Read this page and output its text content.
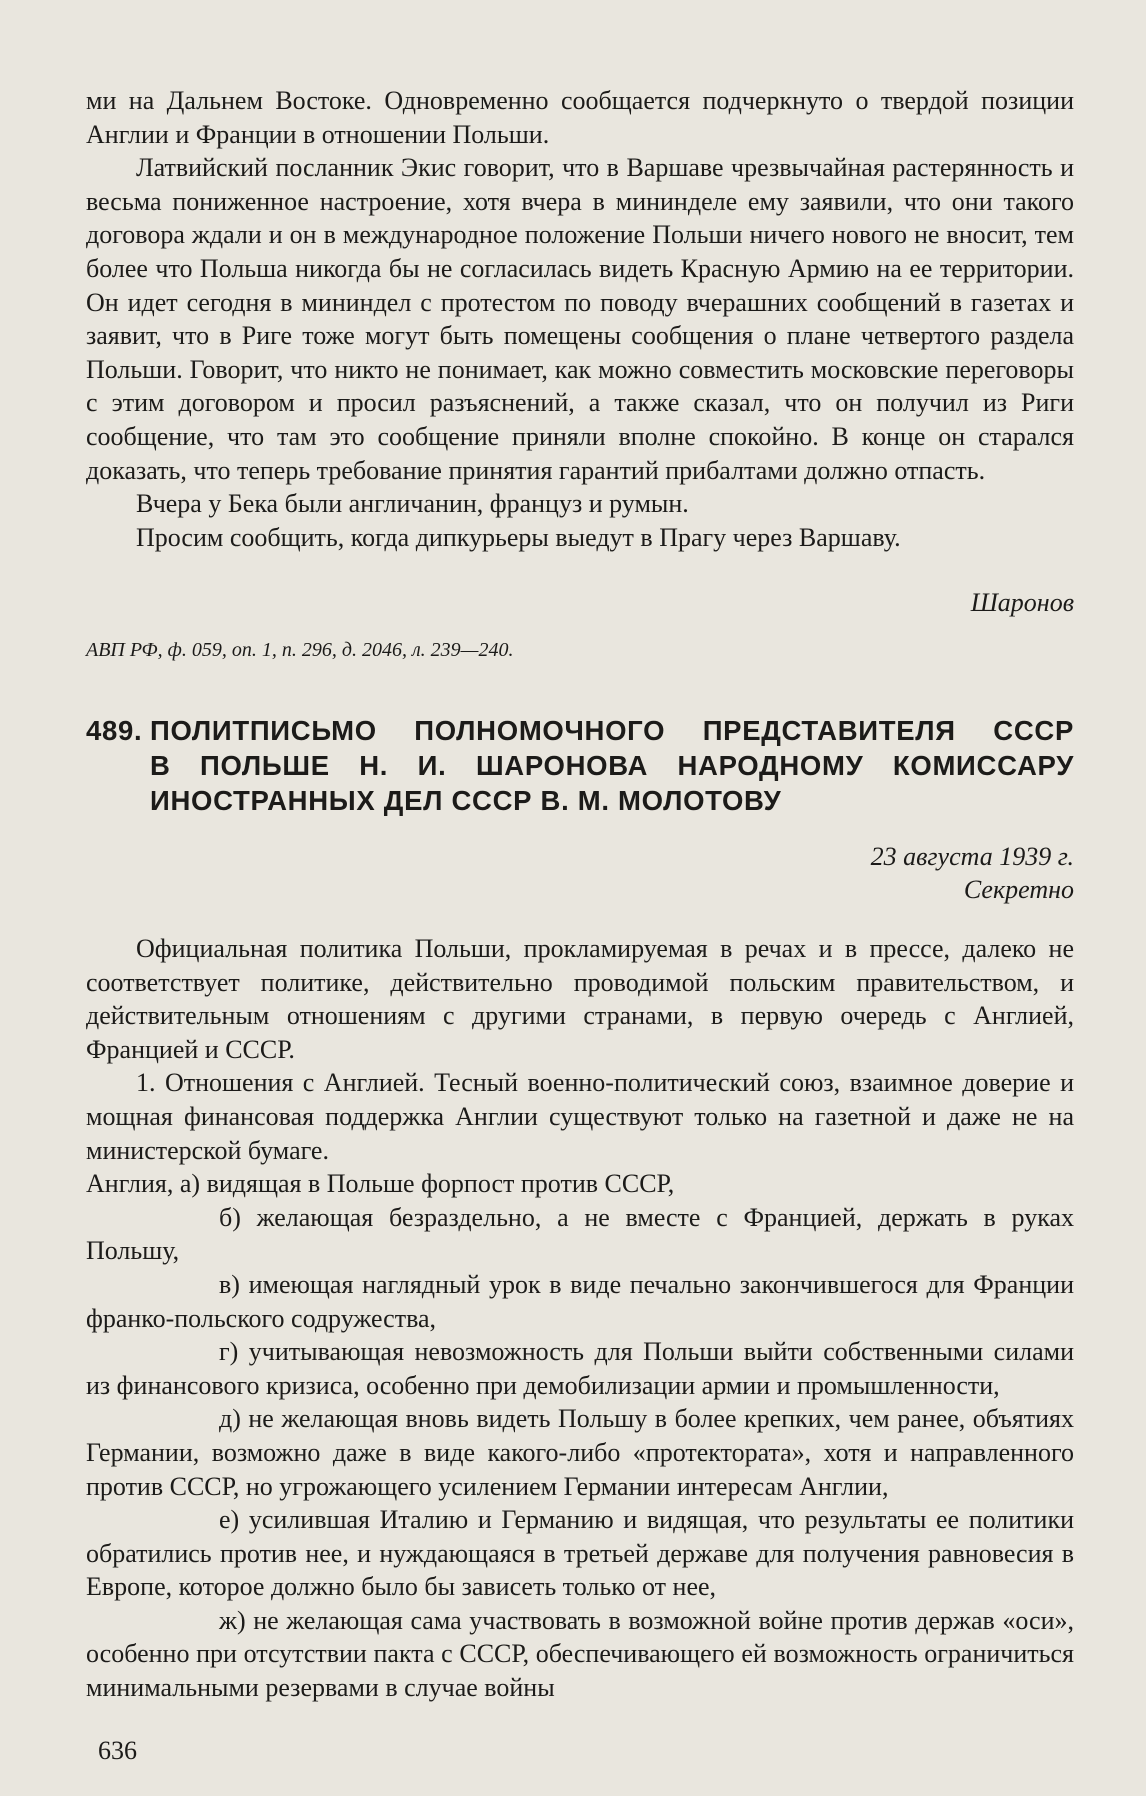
ми на Дальнем Востоке. Одновременно сообщается подчеркнуто о твердой позиции Англии и Франции в отношении Польши.

Латвийский посланник Экис говорит, что в Варшаве чрезвычайная растерянность и весьма пониженное настроение, хотя вчера в мининделе ему заявили, что они такого договора ждали и он в международное положение Польши ничего нового не вносит, тем более что Польша никогда бы не согласилась видеть Красную Армию на ее территории. Он идет сегодня в мининдел с протестом по поводу вчерашних сообщений в газетах и заявит, что в Риге тоже могут быть помещены сообщения о плане четвертого раздела Польши. Говорит, что никто не понимает, как можно совместить московские переговоры с этим договором и просил разъяснений, а также сказал, что он получил из Риги сообщение, что там это сообщение приняли вполне спокойно. В конце он старался доказать, что теперь требование принятия гарантий прибалтами должно отпасть.

Вчера у Бека были англичанин, француз и румын.

Просим сообщить, когда дипкурьеры выедут в Прагу через Варшаву.

Шаронов
АВП РФ, ф. 059, оп. 1, п. 296, д. 2046, л. 239—240.
489. ПОЛИТПИСЬМО ПОЛНОМОЧНОГО ПРЕДСТАВИТЕЛЯ СССР
В ПОЛЬШЕ Н. И. ШАРОНОВА НАРОДНОМУ КОМИССАРУ
ИНОСТРАННЫХ ДЕЛ СССР В. М. МОЛОТОВУ
23 августа 1939 г.
Секретно

Официальная политика Польши, прокламируемая в речах и в прессе, далеко не соответствует политике, действительно проводимой польским правительством, и действительным отношениям с другими странами, в первую очередь с Англией, Францией и СССР.

1. Отношения с Англией. Тесный военно-политический союз, взаимное доверие и мощная финансовая поддержка Англии существуют только на газетной и даже не на министерской бумаге.

Англия, а) видящая в Польше форпост против СССР,

б) желающая безраздельно, а не вместе с Францией, держать в руках Польшу,

в) имеющая наглядный урок в виде печально закончившегося для Франции франко-польского содружества,

г) учитывающая невозможность для Польши выйти собственными силами из финансового кризиса, особенно при демобилизации армии и промышленности,

д) не желающая вновь видеть Польшу в более крепких, чем ранее, объятиях Германии, возможно даже в виде какого-либо «протектората», хотя и направленного против СССР, но угрожающего усилением Германии интересам Англии,

е) усилившая Италию и Германию и видящая, что результаты ее политики обратились против нее, и нуждающаяся в третьей державе для получения равновесия в Европе, которое должно было бы зависеть только от нее,

ж) не желающая сама участвовать в возможной войне против держав «оси», особенно при отсутствии пакта с СССР, обеспечивающего ей возможность ограничиться минимальными резервами в случае войны

636
